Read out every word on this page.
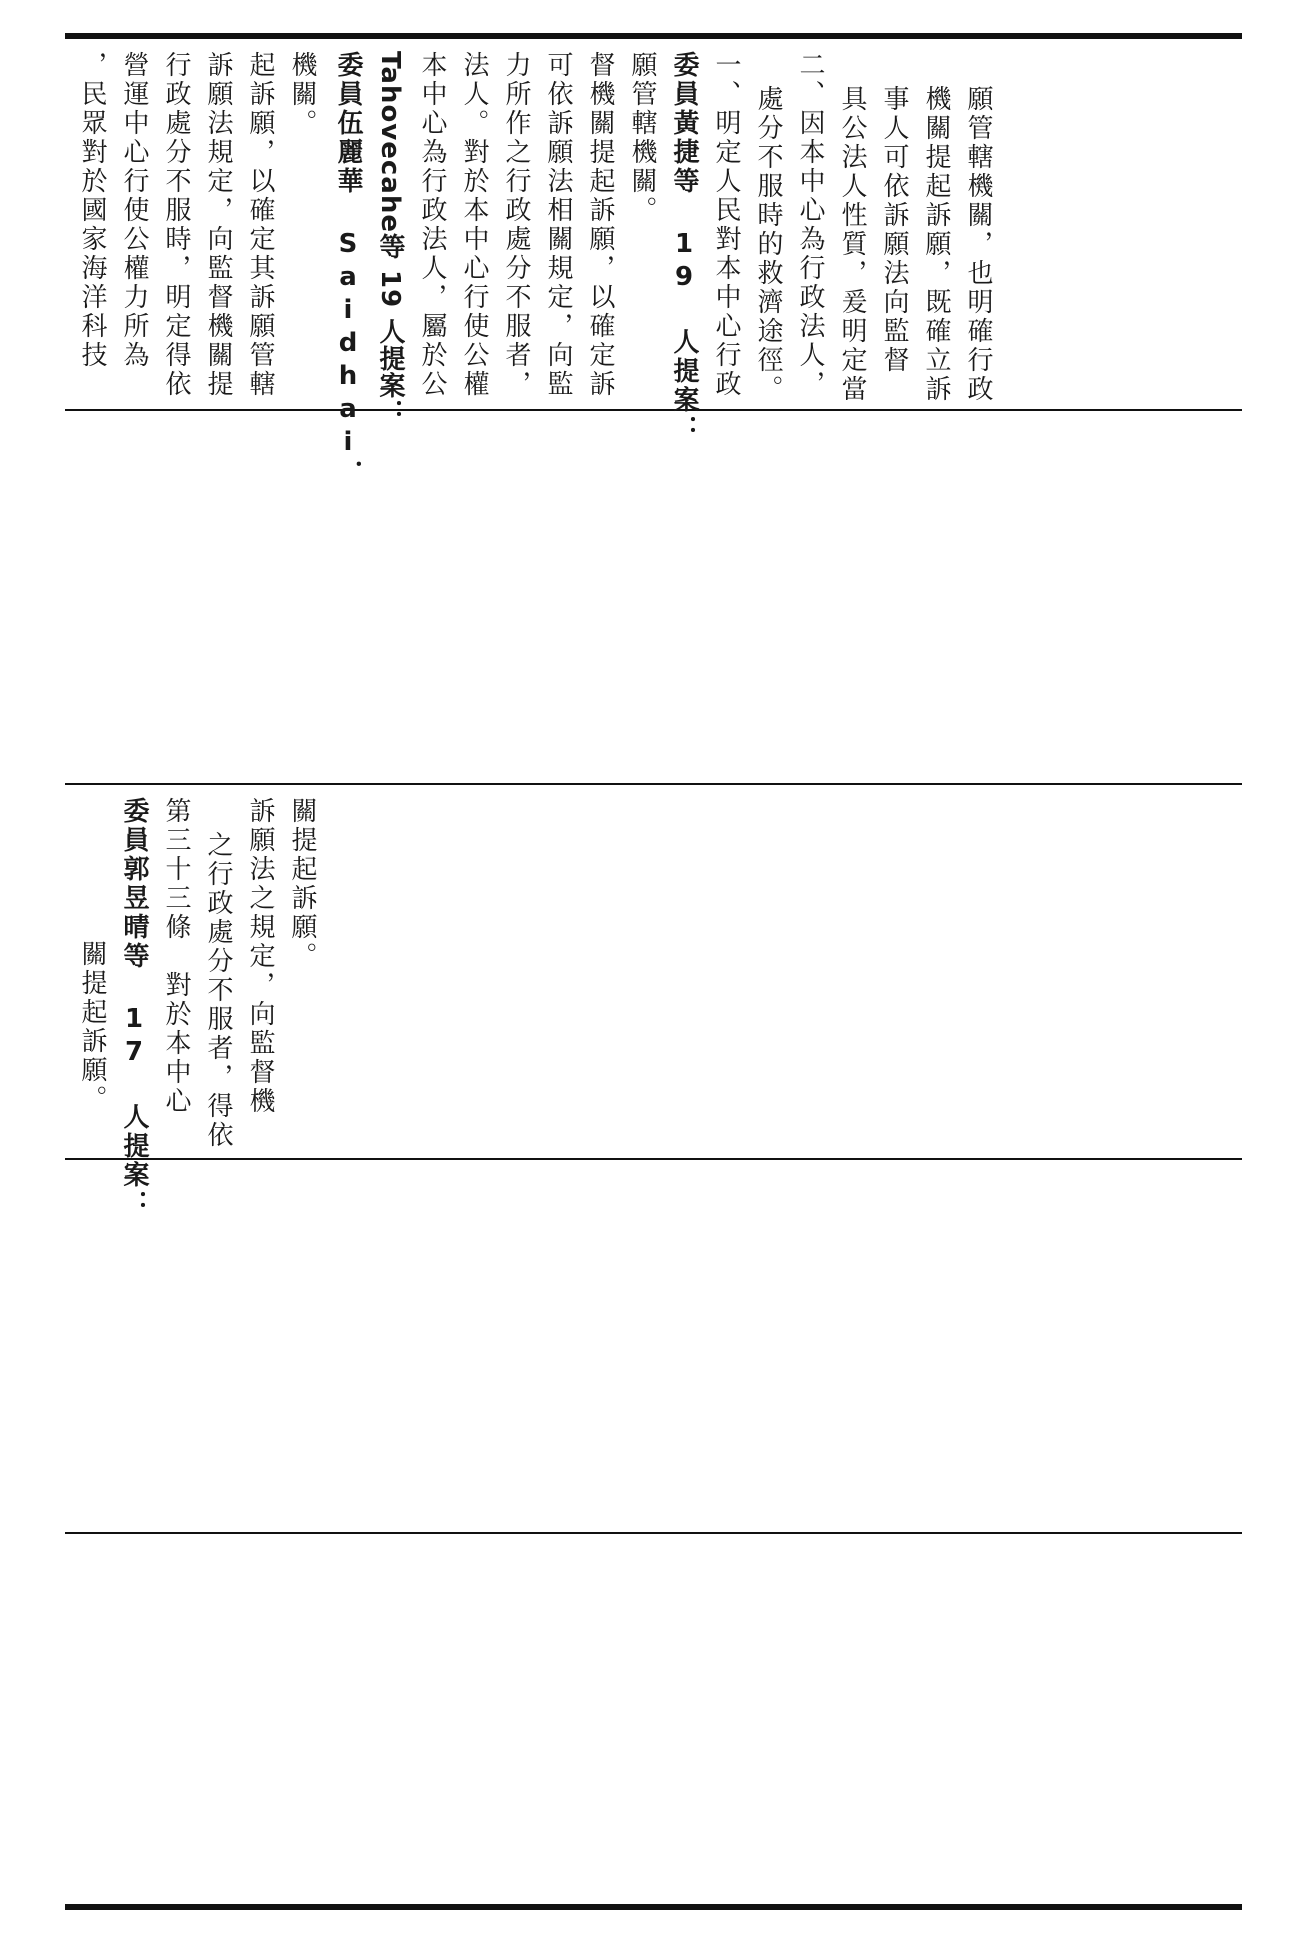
，民眾對於國家海洋科技 營運中心行使公權力所為 行政處分不服時，明定得依 訴願法規定，向監督機關提 起訴願，以確定其訴願管轄 機關。 委員伍麗華 Saidhai． Tahovecahe等 19 人提案： 本中心為行政法人，屬於公 法人。對於本中心行使公權 力所作之行政處分不服者， 可依訴願法相關規定，向監 督機關提起訴願，以確定訴 願管轄機關。 委員黃捷等 19 人提案： 一、明定人民對本中心行政 處分不服時的救濟途徑。 二、因本中心為行政法人， 具公法人性質，爰明定當 事人可依訴願法向監督 機關提起訴願，既確立訴 願管轄機關，也明確行政
關提起訴願。 委員郭昱晴等 17 人提案： 第三十三條　對於本中心 之行政處分不服者，得依 訴願法之規定，向監督機 關提起訴願。
